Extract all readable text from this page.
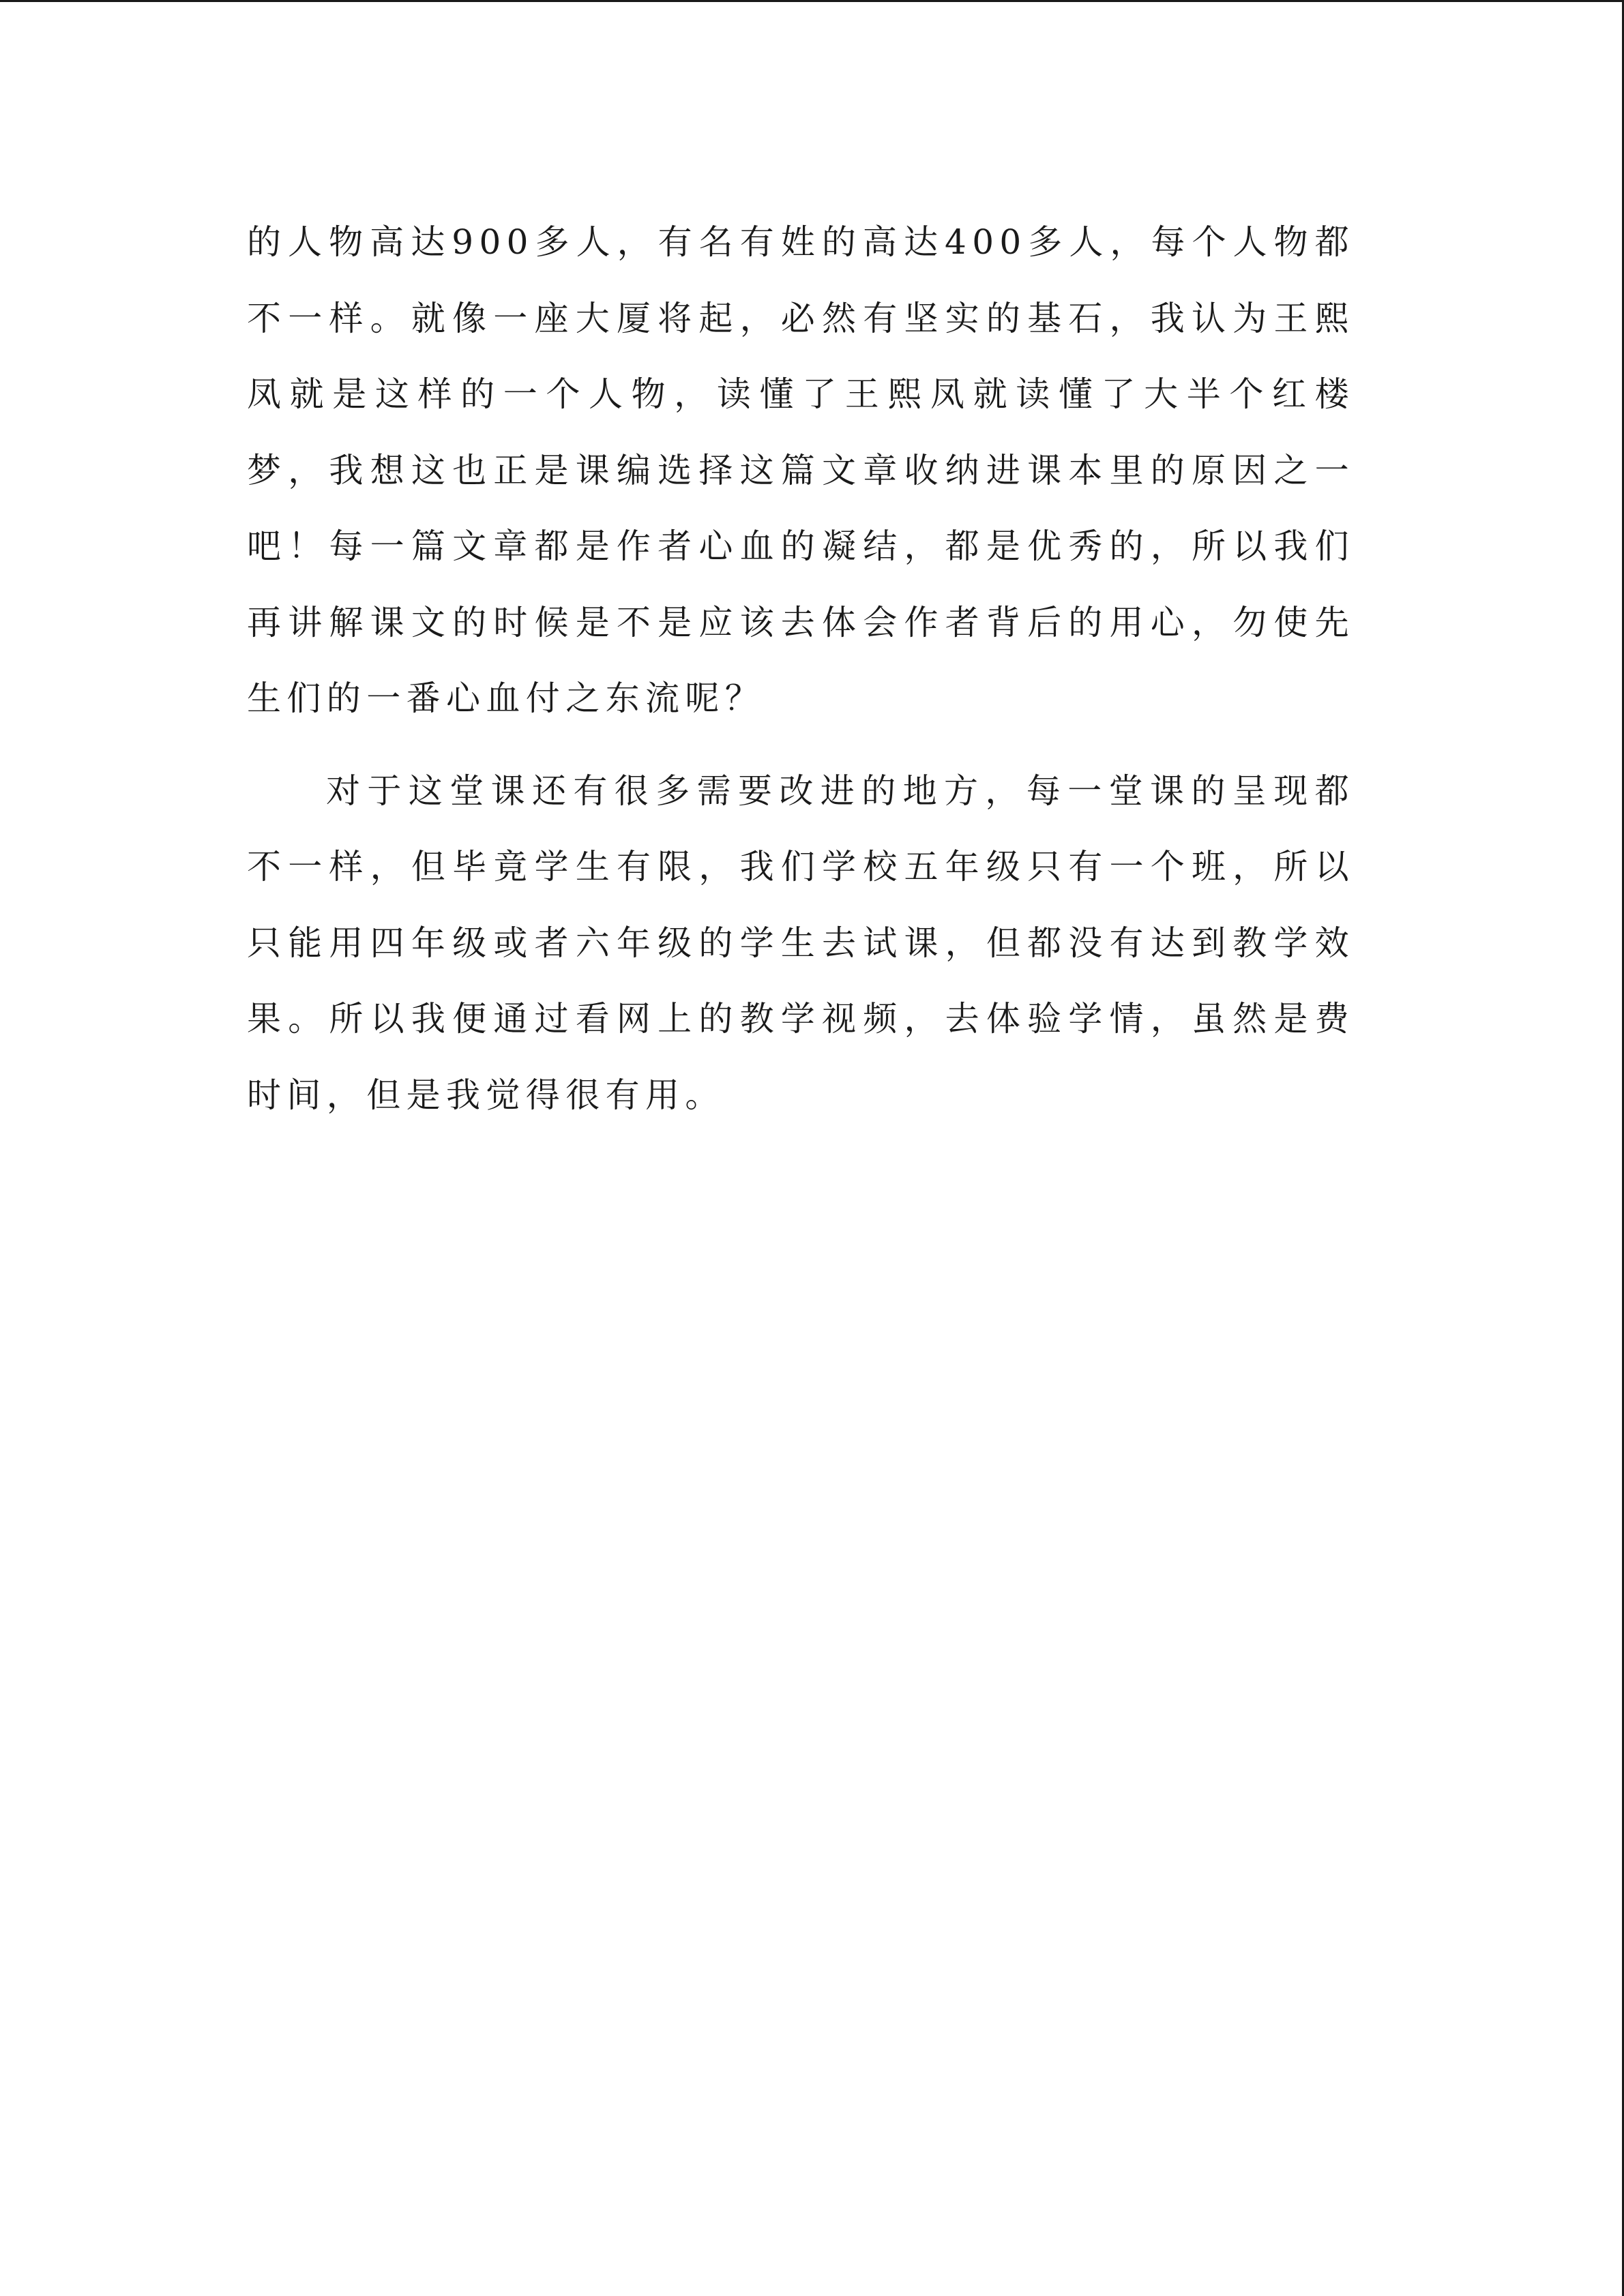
的人物高达900多人，有名有姓的高达400多人，每个人物都不一样。就像一座大厦将起，必然有坚实的基石，我认为王熙凤就是这样的一个人物，读懂了王熙凤就读懂了大半个红楼梦，我想这也正是课编选择这篇文章收纳进课本里的原因之一吧！每一篇文章都是作者心血的凝结，都是优秀的，所以我们再讲解课文的时候是不是应该去体会作者背后的用心，勿使先生们的一番心血付之东流呢？

对于这堂课还有很多需要改进的地方，每一堂课的呈现都不一样，但毕竟学生有限，我们学校五年级只有一个班，所以只能用四年级或者六年级的学生去试课，但都没有达到教学效果。所以我便通过看网上的教学视频，去体验学情，虽然是费时间，但是我觉得很有用。
